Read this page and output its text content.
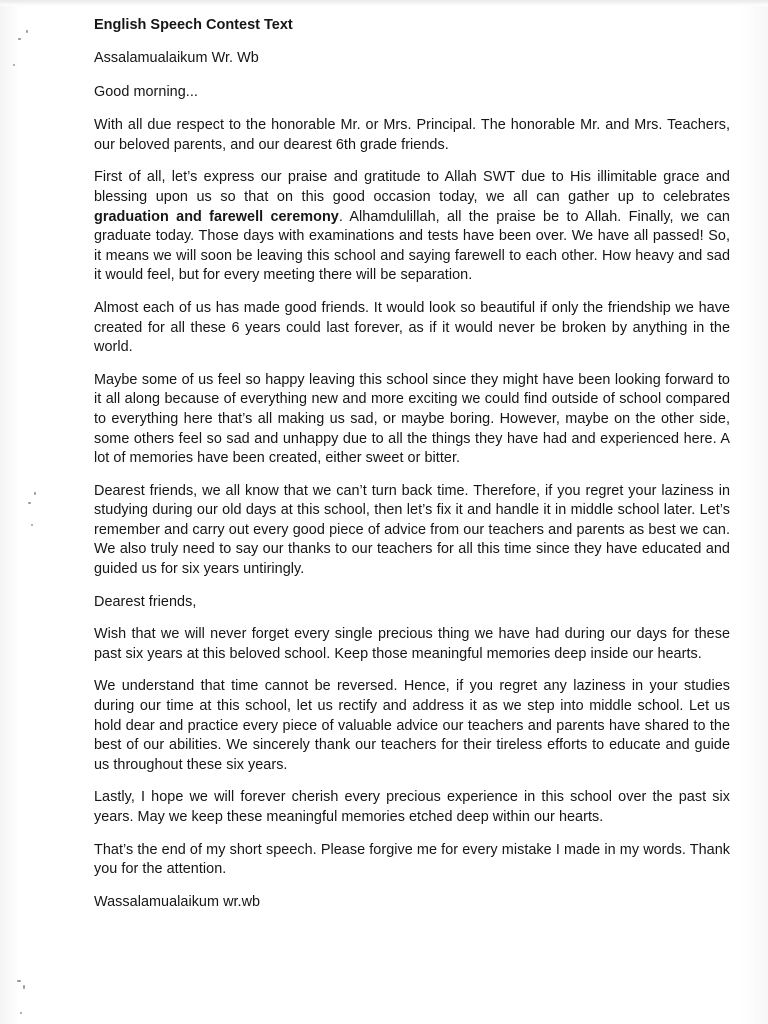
English Speech Contest Text
Assalamualaikum Wr. Wb
Good morning...
With all due respect to the honorable Mr. or Mrs. Principal. The honorable Mr. and Mrs. Teachers, our beloved parents, and our dearest 6th grade friends.
First of all, let’s express our praise and gratitude to Allah SWT due to His illimitable grace and blessing upon us so that on this good occasion today, we all can gather up to celebrates graduation and farewell ceremony. Alhamdulillah, all the praise be to Allah. Finally, we can graduate today. Those days with examinations and tests have been over. We have all passed! So, it means we will soon be leaving this school and saying farewell to each other. How heavy and sad it would feel, but for every meeting there will be separation.
Almost each of us has made good friends. It would look so beautiful if only the friendship we have created for all these 6 years could last forever, as if it would never be broken by anything in the world.
Maybe some of us feel so happy leaving this school since they might have been looking forward to it all along because of everything new and more exciting we could find outside of school compared to everything here that’s all making us sad, or maybe boring. However, maybe on the other side, some others feel so sad and unhappy due to all the things they have had and experienced here. A lot of memories have been created, either sweet or bitter.
Dearest friends, we all know that we can’t turn back time. Therefore, if you regret your laziness in studying during our old days at this school, then let’s fix it and handle it in middle school later. Let’s remember and carry out every good piece of advice from our teachers and parents as best we can. We also truly need to say our thanks to our teachers for all this time since they have educated and guided us for six years untiringly.
Dearest friends,
Wish that we will never forget every single precious thing we have had during our days for these past six years at this beloved school. Keep those meaningful memories deep inside our hearts.
We understand that time cannot be reversed. Hence, if you regret any laziness in your studies during our time at this school, let us rectify and address it as we step into middle school. Let us hold dear and practice every piece of valuable advice our teachers and parents have shared to the best of our abilities. We sincerely thank our teachers for their tireless efforts to educate and guide us throughout these six years.
Lastly, I hope we will forever cherish every precious experience in this school over the past six years. May we keep these meaningful memories etched deep within our hearts.
That’s the end of my short speech. Please forgive me for every mistake I made in my words. Thank you for the attention.
Wassalamualaikum wr.wb
